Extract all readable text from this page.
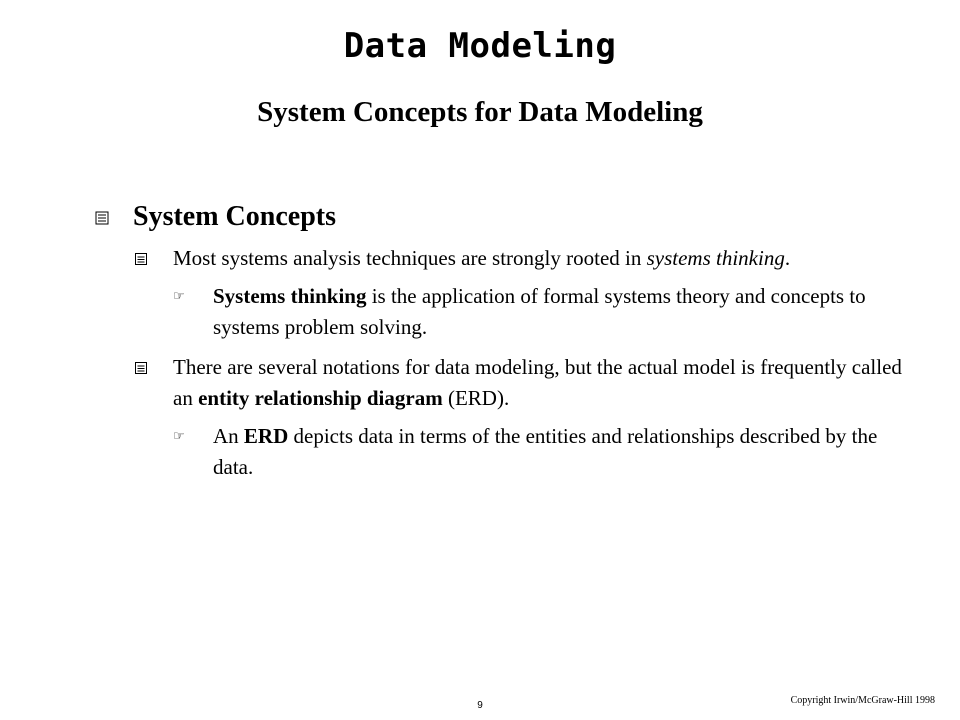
Data Modeling
System Concepts for Data Modeling
System Concepts
Most systems analysis techniques are strongly rooted in systems thinking.
☞ Systems thinking is the application of formal systems theory and concepts to systems problem solving.
There are several notations for data modeling, but the actual model is frequently called an entity relationship diagram (ERD).
☞ An ERD depicts data in terms of the entities and relationships described by the data.
9	Copyright Irwin/McGraw-Hill 1998
